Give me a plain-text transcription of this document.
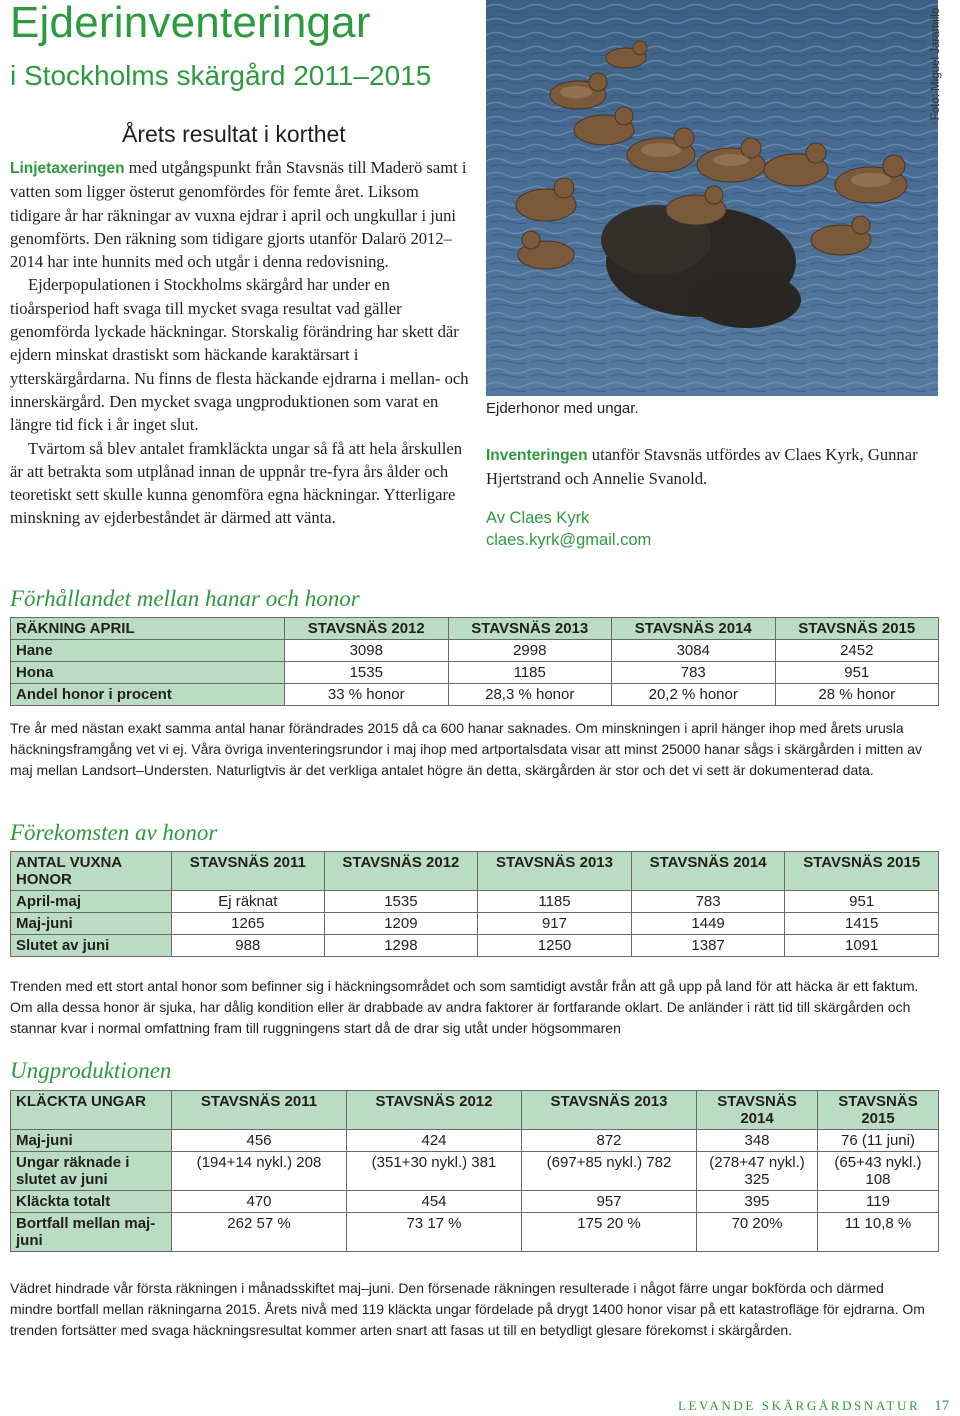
Ejderinventeringar
i Stockholms skärgård 2011–2015
Årets resultat i korthet

Linjetaxeringen med utgångspunkt från Stavsnäs till Maderö samt i vatten som ligger österut genomfördes för femte året. Liksom tidigare år har räkningar av vuxna ejdrar i april och ungkullar i juni genomförts. Den räkning som tidigare gjorts utanför Dalarö 2012–2014 har inte hunnits med och utgår i denna redovisning.

Ejderpopulationen i Stockholms skärgård har under en tioårsperiod haft svaga till mycket svaga resultat vad gäller genomförda lyckade häckningar. Storskalig förändring har skett där ejdern minskat drastiskt som häckande karaktärsart i ytterskärgårdarna. Nu finns de flesta häckande ejdrarna i mellan- och innerskärgård. Den mycket svaga ungproduktionen som varat en längre tid fick i år inget slut.

Tvärtom så blev antalet framkläckta ungar så få att hela årskullen är att betrakta som utplånad innan de uppnår tre-fyra års ålder och teoretiskt sett skulle kunna genomföra egna häckningar. Ytterligare minskning av ejderbeståndet är därmed att vänta.

Foto: Miguel Jaramillo
Ejderhonor med ungar.

Inventeringen utanför Stavsnäs utfördes av Claes Kyrk, Gunnar Hjertstrand och Annelie Svanold.

Av Claes Kyrk
claes.kyrk@gmail.com
Förhållandet mellan hanar och honor
RÄKNING APRIL	STAVSNÄS 2012	STAVSNÄS 2013	STAVSNÄS 2014	STAVSNÄS 2015
Hane	3098	2998	3084	2452
Hona	1535	1185	783	951
Andel honor i procent	33 % honor	28,3 % honor	20,2 % honor	28 % honor

Tre år med nästan exakt samma antal hanar förändrades 2015 då ca 600 hanar saknades. Om minskningen i april hänger ihop med årets urusla häckningsframgång vet vi ej. Våra övriga inventeringsrundor i maj ihop med artportalsdata visar att minst 25000 hanar sågs i skärgården i mitten av maj mellan Landsort–Understen. Naturligtvis är det verkliga antalet högre än detta, skärgården är stor och det vi sett är dokumenterad data.

Förekomsten av honor
ANTAL VUXNA HONOR	STAVSNÄS 2011	STAVSNÄS 2012	STAVSNÄS 2013	STAVSNÄS 2014	STAVSNÄS 2015
April-maj	Ej räknat	1535	1185	783	951
Maj-juni	1265	1209	917	1449	1415
Slutet av juni	988	1298	1250	1387	1091

Trenden med ett stort antal honor som befinner sig i häckningsområdet och som samtidigt avstår från att gå upp på land för att häcka är ett faktum. Om alla dessa honor är sjuka, har dålig kondition eller är drabbade av andra faktorer är fortfarande oklart. De anländer i rätt tid till skärgården och stannar kvar i normal omfattning fram till ruggningens start då de drar sig utåt under högsommaren

Ungproduktionen
KLÄCKTA UNGAR	STAVSNÄS 2011	STAVSNÄS 2012	STAVSNÄS 2013	STAVSNÄS 2014	STAVSNÄS 2015
Maj-juni	456	424	872	348	76 (11 juni)
Ungar räknade i slutet av juni	(194+14 nykl.) 208	(351+30 nykl.) 381	(697+85 nykl.) 782	(278+47 nykl.) 325	(65+43 nykl.) 108
Kläckta totalt	470	454	957	395	119
Bortfall mellan maj-juni	262 57 %	73 17 %	175 20 %	70 20%	11 10,8 %

Vädret hindrade vår första räkningen i månadsskiftet maj–juni. Den försenade räkningen resulterade i något färre ungar bokförda och därmed mindre bortfall mellan räkningarna 2015. Årets nivå med 119 kläckta ungar fördelade på drygt 1400 honor visar på ett katastrofläge för ejdrarna. Om trenden fortsätter med svaga häckningsresultat kommer arten snart att fasas ut till en betydligt glesare förekomst i skärgården.

LEVANDE SKÄRGÅRDSNATUR 17
